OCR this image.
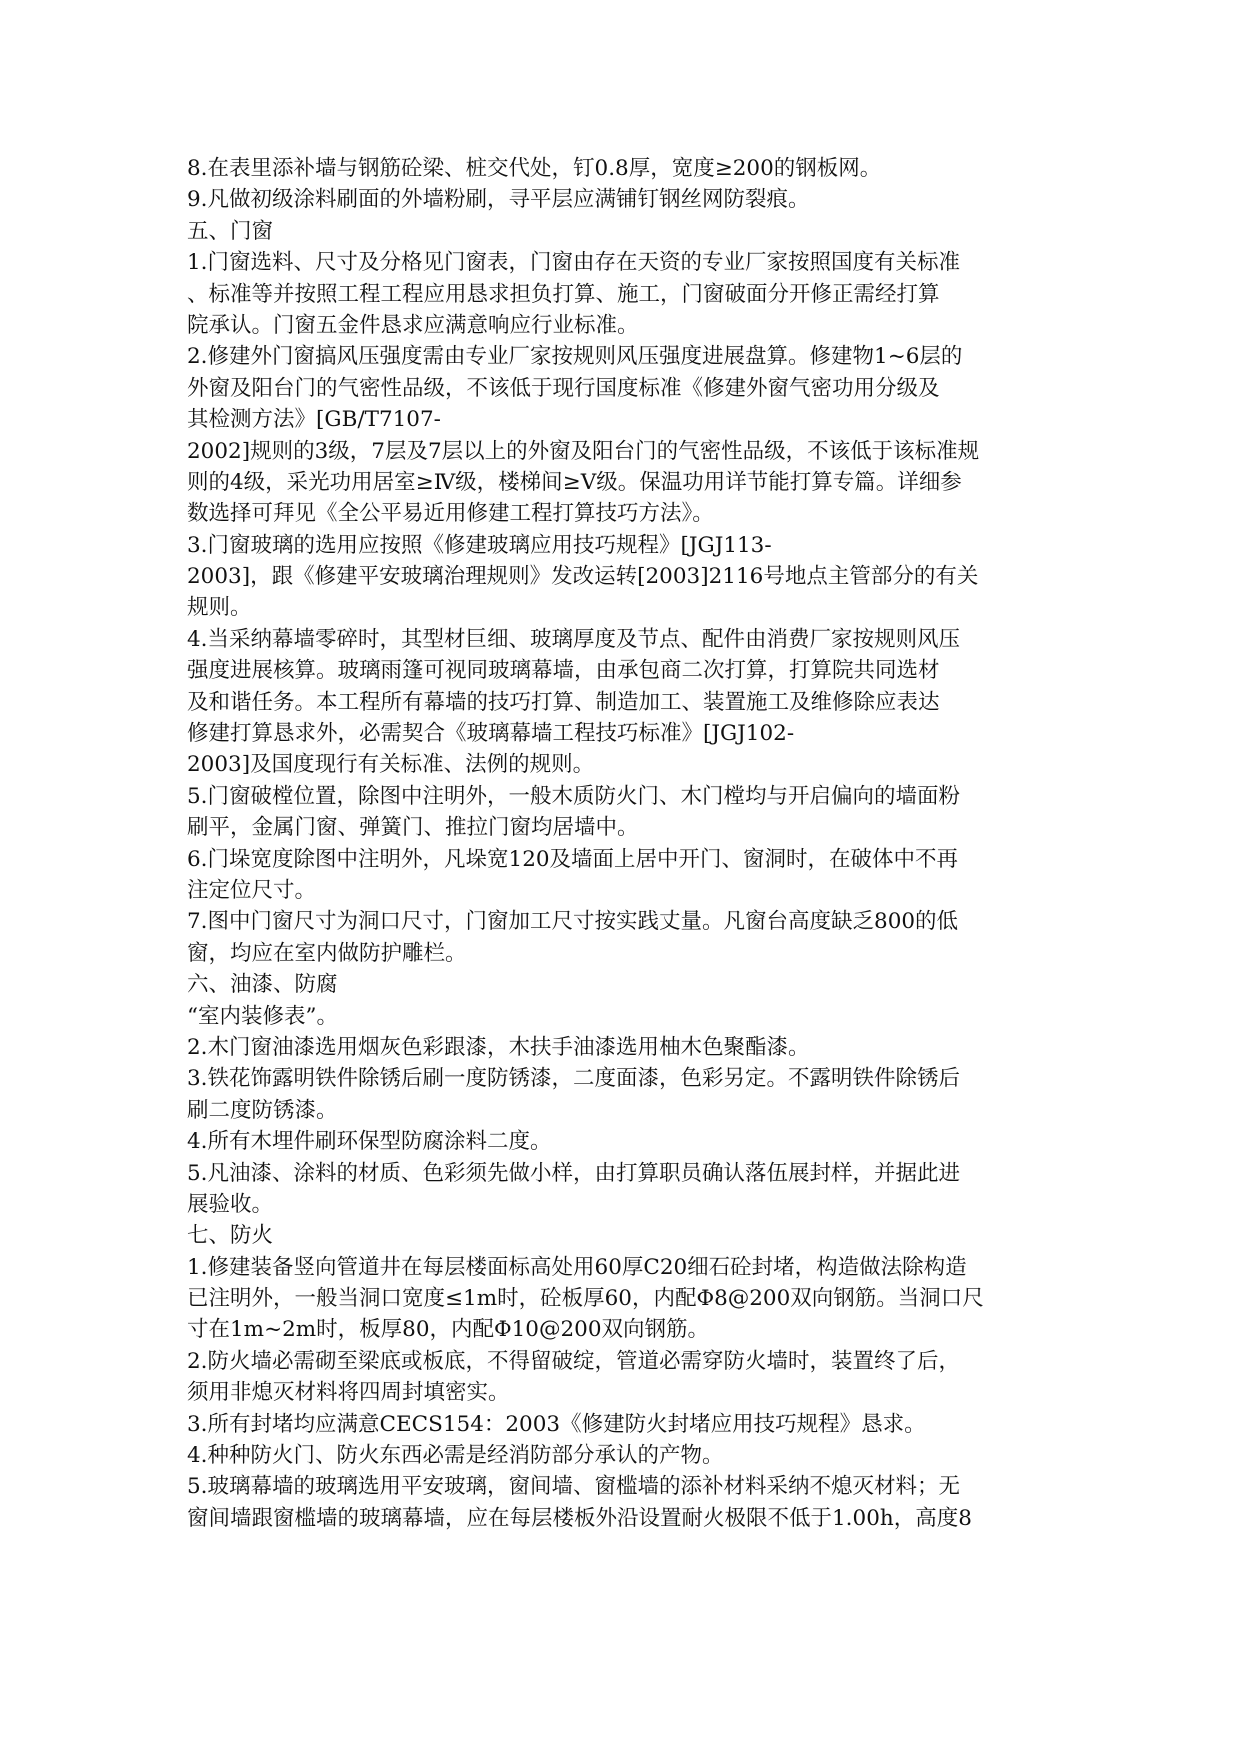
8.在表里添补墙与钢筋砼梁、桩交代处，钉0.8厚，宽度≥200的钢板网。
9.凡做初级涂料刷面的外墙粉刷，寻平层应满铺钉钢丝网防裂痕。
五、门窗
1.门窗选料、尺寸及分格见门窗表，门窗由存在天资的专业厂家按照国度有关标准
、标准等并按照工程工程应用恳求担负打算、施工，门窗破面分开修正需经打算
院承认。门窗五金件恳求应满意响应行业标准。
2.修建外门窗搞风压强度需由专业厂家按规则风压强度进展盘算。修建物1~6层的
外窗及阳台门的气密性品级，不该低于现行国度标准《修建外窗气密功用分级及
其检测方法》[GB/T7107-
2002]规则的3级，7层及7层以上的外窗及阳台门的气密性品级，不该低于该标准规
则的4级，采光功用居室≥Ⅳ级，楼梯间≥Ⅴ级。保温功用详节能打算专篇。详细参
数选择可拜见《全公平易近用修建工程打算技巧方法》。
3.门窗玻璃的选用应按照《修建玻璃应用技巧规程》[JGJ113-
2003]，跟《修建平安玻璃治理规则》发改运转[2003]2116号地点主管部分的有关
规则。
4.当采纳幕墙零碎时，其型材巨细、玻璃厚度及节点、配件由消费厂家按规则风压
强度进展核算。玻璃雨篷可视同玻璃幕墙，由承包商二次打算，打算院共同选材
及和谐任务。本工程所有幕墙的技巧打算、制造加工、装置施工及维修除应表达
修建打算恳求外，必需契合《玻璃幕墙工程技巧标准》[JGJ102-
2003]及国度现行有关标准、法例的规则。
5.门窗破樘位置，除图中注明外，一般木质防火门、木门樘均与开启偏向的墙面粉
刷平，金属门窗、弹簧门、推拉门窗均居墙中。
6.门垛宽度除图中注明外，凡垛宽120及墙面上居中开门、窗洞时，在破体中不再
注定位尺寸。
7.图中门窗尺寸为洞口尺寸，门窗加工尺寸按实践丈量。凡窗台高度缺乏800的低
窗，均应在室内做防护雕栏。
六、油漆、防腐
“室内装修表”。
2.木门窗油漆选用烟灰色彩跟漆，木扶手油漆选用柚木色聚酯漆。
3.铁花饰露明铁件除锈后刷一度防锈漆，二度面漆，色彩另定。不露明铁件除锈后
刷二度防锈漆。
4.所有木埋件刷环保型防腐涂料二度。
5.凡油漆、涂料的材质、色彩须先做小样，由打算职员确认落伍展封样，并据此进
展验收。
七、防火
1.修建装备竖向管道井在每层楼面标高处用60厚C20细石砼封堵，构造做法除构造
已注明外，一般当洞口宽度≤1m时，砼板厚60，内配Φ8@200双向钢筋。当洞口尺
寸在1m~2m时，板厚80，内配Φ10@200双向钢筋。
2.防火墙必需砌至梁底或板底，不得留破绽，管道必需穿防火墙时，装置终了后，
须用非熄灭材料将四周封填密实。
3.所有封堵均应满意CECS154：2003《修建防火封堵应用技巧规程》恳求。
4.种种防火门、防火东西必需是经消防部分承认的产物。
5.玻璃幕墙的玻璃选用平安玻璃，窗间墙、窗槛墙的添补材料采纳不熄灭材料；无
窗间墙跟窗槛墙的玻璃幕墙，应在每层楼板外沿设置耐火极限不低于1.00h，高度8
